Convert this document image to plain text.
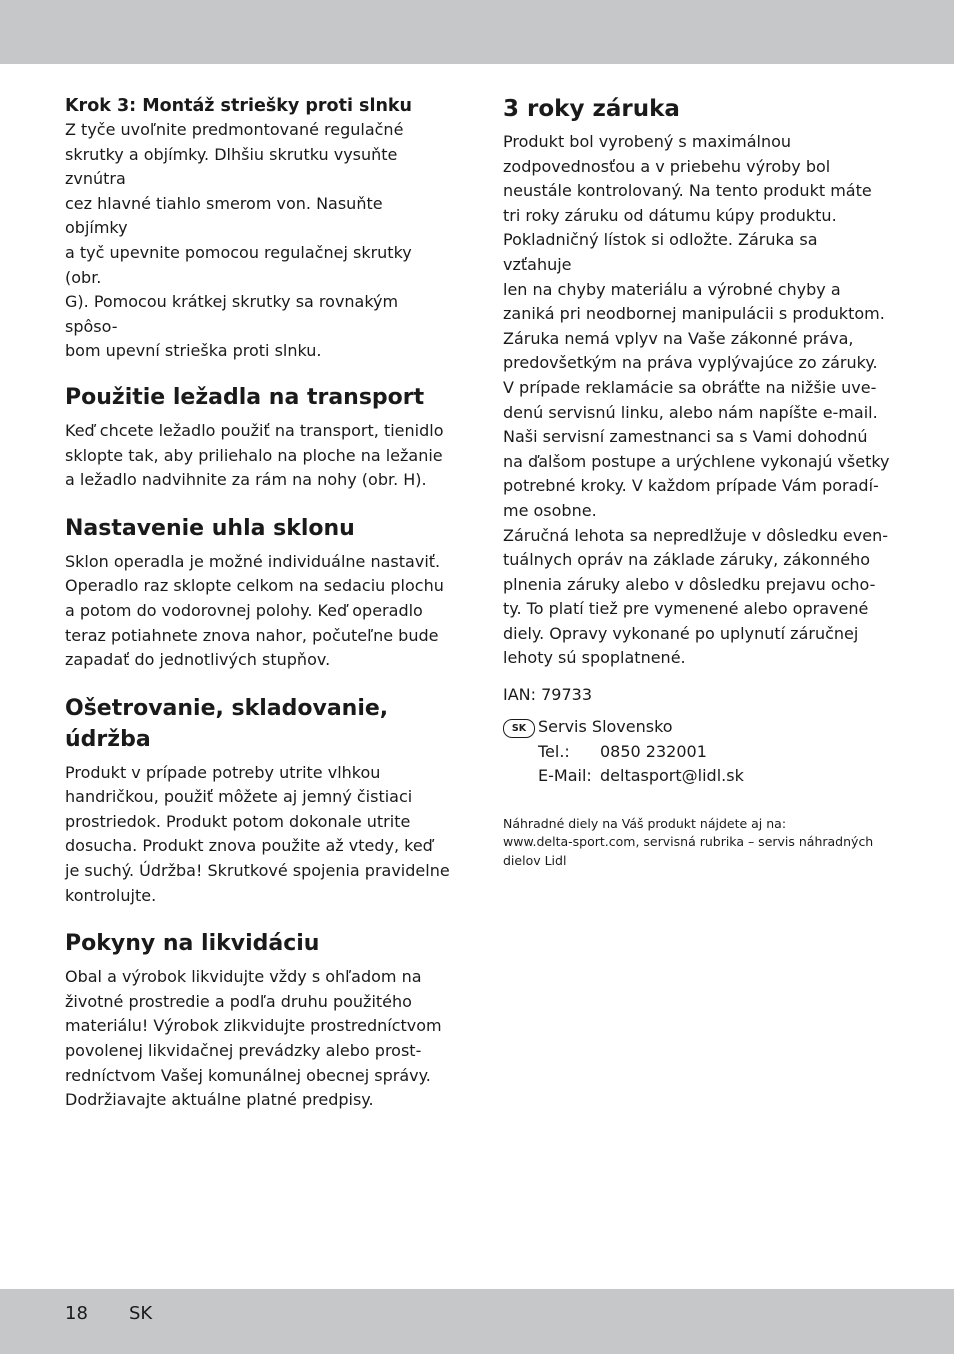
Krok 3: Montáž striešky proti slnku

Z tyče uvoľnite predmontované regulačné
skrutky a objímky. Dlhšiu skrutku vysuňte zvnútra
cez hlavné tiahlo smerom von. Nasuňte objímky
a tyč upevnite pomocou regulačnej skrutky (obr.
G). Pomocou krátkej skrutky sa rovnakým spôso-
bom upevní strieška proti slnku.

Použitie ležadla na transport

Keď chcete ležadlo použiť na transport, tienidlo
sklopte tak, aby priliehalo na ploche na ležanie
a ležadlo nadvihnite za rám na nohy (obr. H).

Nastavenie uhla sklonu

Sklon operadla je možné individuálne nastaviť.
Operadlo raz sklopte celkom na sedaciu plochu
a potom do vodorovnej polohy. Keď operadlo
teraz potiahnete znova nahor, počuteľne bude
zapadať do jednotlivých stupňov.

Ošetrovanie, skladovanie,
údržba

Produkt v prípade potreby utrite vlhkou
handričkou, použiť môžete aj jemný čistiaci
prostriedok. Produkt potom dokonale utrite
dosucha. Produkt znova použite až vtedy, keď
je suchý. Údržba! Skrutkové spojenia pravidelne
kontrolujte.

Pokyny na likvidáciu

Obal a výrobok likvidujte vždy s ohľadom na
životné prostredie a podľa druhu použitého
materiálu! Výrobok zlikvidujte prostredníctvom
povolenej likvidačnej prevádzky alebo prost-
redníctvom Vašej komunálnej obecnej správy.
Dodržiavajte aktuálne platné predpisy.

3 roky záruka

Produkt bol vyrobený s maximálnou
zodpovednosťou a v priebehu výroby bol
neustále kontrolovaný. Na tento produkt máte
tri roky záruku od dátumu kúpy produktu.
Pokladničný lístok si odložte. Záruka sa vzťahuje
len na chyby materiálu a výrobné chyby a
zaniká pri neodbornej manipulácii s produktom.
Záruka nemá vplyv na Vaše zákonné práva,
predovšetkým na práva vyplývajúce zo záruky.
V prípade reklamácie sa obráťte na nižšie uve-
denú servisnú linku, alebo nám napíšte e-mail.
Naši servisní zamestnanci sa s Vami dohodnú
na ďalšom postupe a urýchlene vykonajú všetky
potrebné kroky. V každom prípade Vám poradí-
me osobne.
Záručná lehota sa nepredlžuje v dôsledku even-
tuálnych opráv na základe záruky, zákonného
plnenia záruky alebo v dôsledku prejavu ocho-
ty. To platí tiež pre vymenené alebo opravené
diely. Opravy vykonané po uplynutí záručnej
lehoty sú spoplatnené.

IAN: 79733

SK Servis Slovensko
Tel.:	0850 232001
E-Mail: deltasport@lidl.sk

Náhradné diely na Váš produkt nájdete aj na:
www.delta-sport.com, servisná rubrika – servis náhradných
dielov Lidl

18 SK
